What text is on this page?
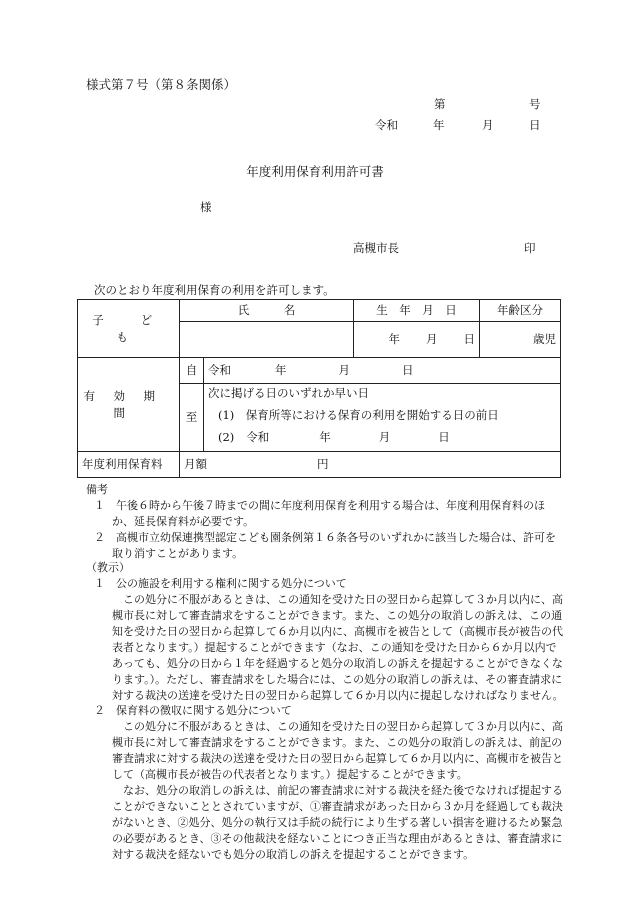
様式第７号（第８条関係）
第	号
令和	年	月	日
年度利用保育利用許可書
様
高槻市長	印
次のとおり年度利用保育の利用を許可します。
子　ども	氏　　　名		生　年　月　日	年齢区分
			年 月 日	歳児
有効期間	自	令和 年 月 日		
	至	次に掲げる日のいずれか早い日
(1)　保育所等における保育の利用を開始する日の前日
(2) 令和 年 月 日		

年度利用保育料	月額 円			

備考

１　午後６時から午後７時までの間に年度利用保育を利用する場合は、年度利用保育料のほか、延長保育料が必要です。

２　高槻市立幼保連携型認定こども園条例第１６条各号のいずれかに該当した場合は、許可を取り消すことがあります。

（教示）

１　公の施設を利用する権利に関する処分について

この処分に不服があるときは、この通知を受けた日の翌日から起算して３か月以内に、高槻市長に対して審査請求をすることができます。また、この処分の取消しの訴えは、この通知を受けた日の翌日から起算して６か月以内に、高槻市を被告として（高槻市長が被告の代表者となります。）提起することができます（なお、この通知を受けた日から６か月以内であっても、処分の日から１年を経過すると処分の取消しの訴えを提起することができなくなります。）。ただし、審査請求をした場合には、この処分の取消しの訴えは、その審査請求に対する裁決の送達を受けた日の翌日から起算して６か月以内に提起しなければなりません。

２　保育料の徴収に関する処分について

この処分に不服があるときは、この通知を受けた日の翌日から起算して３か月以内に、高槻市長に対して審査請求をすることができます。また、この処分の取消しの訴えは、前記の審査請求に対する裁決の送達を受けた日の翌日から起算して６か月以内に、高槻市を被告として（高槻市長が被告の代表者となります。）提起することができます。

なお、処分の取消しの訴えは、前記の審査請求に対する裁決を経た後でなければ提起することができないこととされていますが、①審査請求があった日から３か月を経過しても裁決がないとき、②処分、処分の執行又は手続の続行により生ずる著しい損害を避けるため緊急の必要があるとき、③その他裁決を経ないことにつき正当な理由があるときは、審査請求に対する裁決を経ないでも処分の取消しの訴えを提起することができます。
